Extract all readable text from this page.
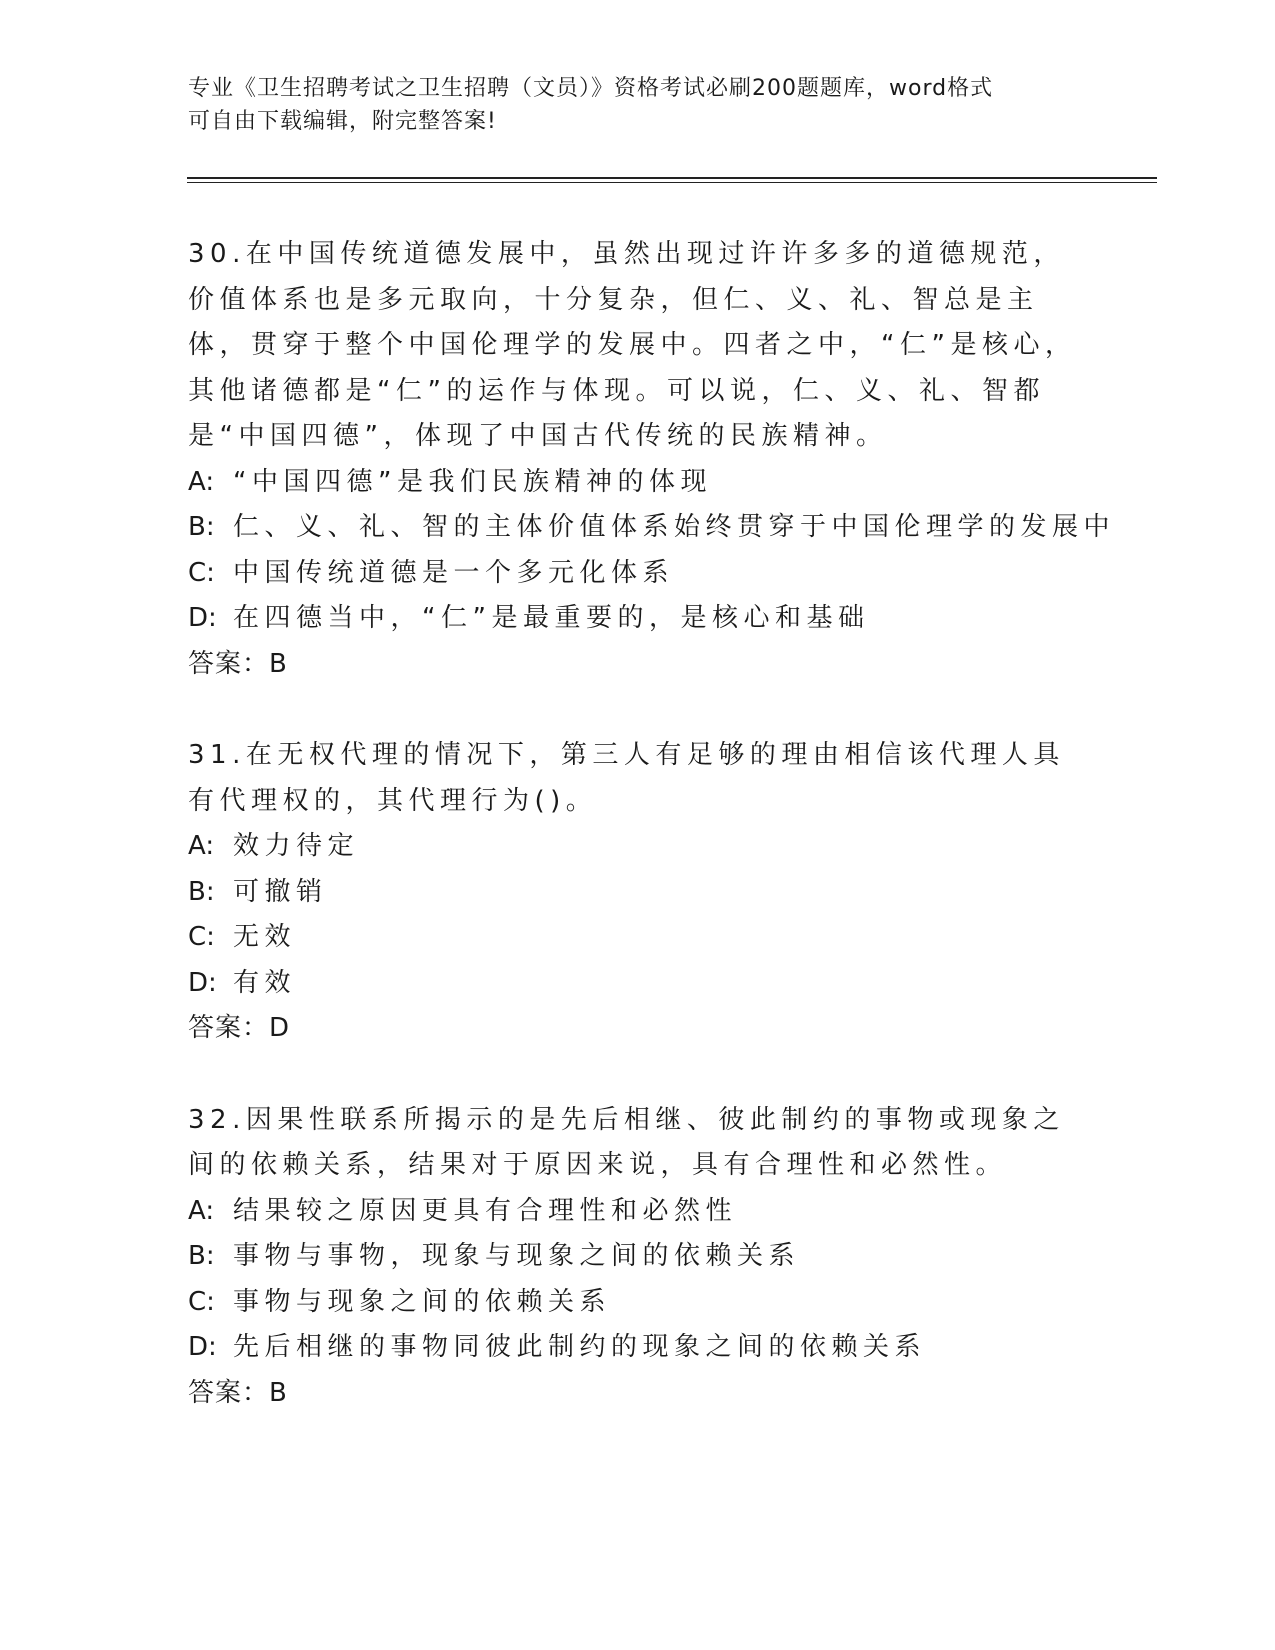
专业《卫生招聘考试之卫生招聘（文员）》资格考试必刷200题题库，word格式
可自由下载编辑，附完整答案!

30.在中国传统道德发展中，虽然出现过许许多多的道德规范，价值体系也是多元取向，十分复杂，但仁、义、礼、智总是主体，贯穿于整个中国伦理学的发展中。四者之中，“仁”是核心，其他诸德都是“仁”的运作与体现。可以说，仁、义、礼、智都是“中国四德”，体现了中国古代传统的民族精神。

A: “中国四德”是我们民族精神的体现

B: 仁、义、礼、智的主体价值体系始终贯穿于中国伦理学的发展中

C: 中国传统道德是一个多元化体系

D: 在四德当中，“仁”是最重要的，是核心和基础

答案：B

31.在无权代理的情况下，第三人有足够的理由相信该代理人具有代理权的，其代理行为()。

A: 效力待定

B: 可撤销

C: 无效

D: 有效

答案：D

32.因果性联系所揭示的是先后相继、彼此制约的事物或现象之间的依赖关系，结果对于原因来说，具有合理性和必然性。

A: 结果较之原因更具有合理性和必然性

B: 事物与事物，现象与现象之间的依赖关系

C: 事物与现象之间的依赖关系

D: 先后相继的事物同彼此制约的现象之间的依赖关系

答案：B
